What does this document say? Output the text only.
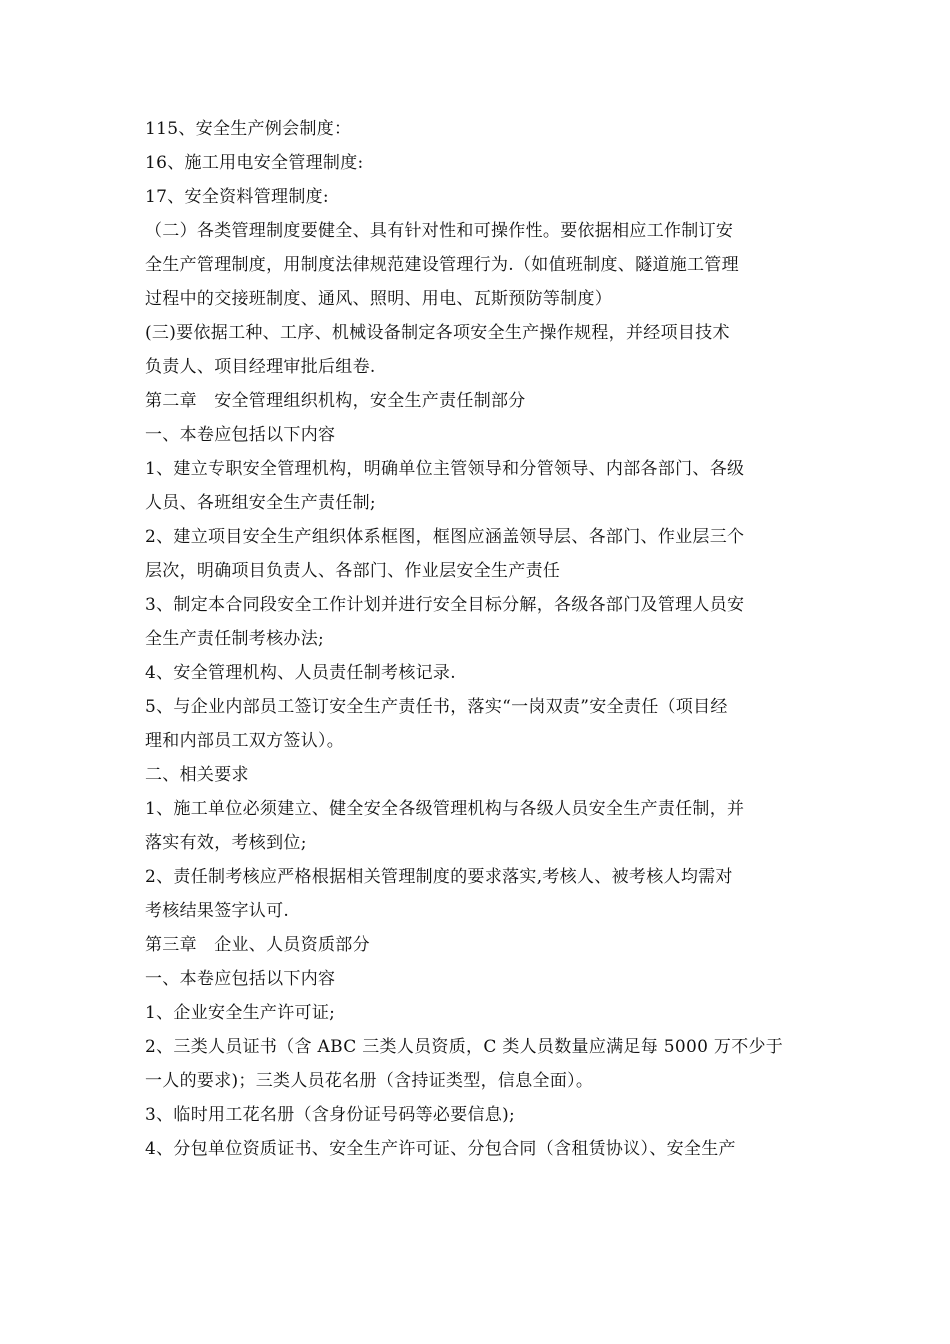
115、安全生产例会制度：
16、施工用电安全管理制度:
17、安全资料管理制度:
（二）各类管理制度要健全、具有针对性和可操作性。要依据相应工作制订安
全生产管理制度，用制度法律规范建设管理行为.（如值班制度、隧道施工管理
过程中的交接班制度、通风、照明、用电、瓦斯预防等制度）
(三)要依据工种、工序、机械设备制定各项安全生产操作规程，并经项目技术
负责人、项目经理审批后组卷.
第二章　安全管理组织机构，安全生产责任制部分
一、本卷应包括以下内容
1、建立专职安全管理机构，明确单位主管领导和分管领导、内部各部门、各级
人员、各班组安全生产责任制;
2、建立项目安全生产组织体系框图，框图应涵盖领导层、各部门、作业层三个
层次，明确项目负责人、各部门、作业层安全生产责任
3、制定本合同段安全工作计划并进行安全目标分解，各级各部门及管理人员安
全生产责任制考核办法;
4、安全管理机构、人员责任制考核记录.
5、与企业内部员工签订安全生产责任书，落实“一岗双责”安全责任（项目经
理和内部员工双方签认）。
二、相关要求
1、施工单位必须建立、健全安全各级管理机构与各级人员安全生产责任制，并
落实有效，考核到位;
2、责任制考核应严格根据相关管理制度的要求落实,考核人、被考核人均需对
考核结果签字认可.
第三章　企业、人员资质部分
一、本卷应包括以下内容
1、企业安全生产许可证;
2、三类人员证书（含 ABC 三类人员资质，C 类人员数量应满足每 5000 万不少于
一人的要求)；三类人员花名册（含持证类型，信息全面）。
3、临时用工花名册（含身份证号码等必要信息);
4、分包单位资质证书、安全生产许可证、分包合同（含租赁协议）、安全生产
